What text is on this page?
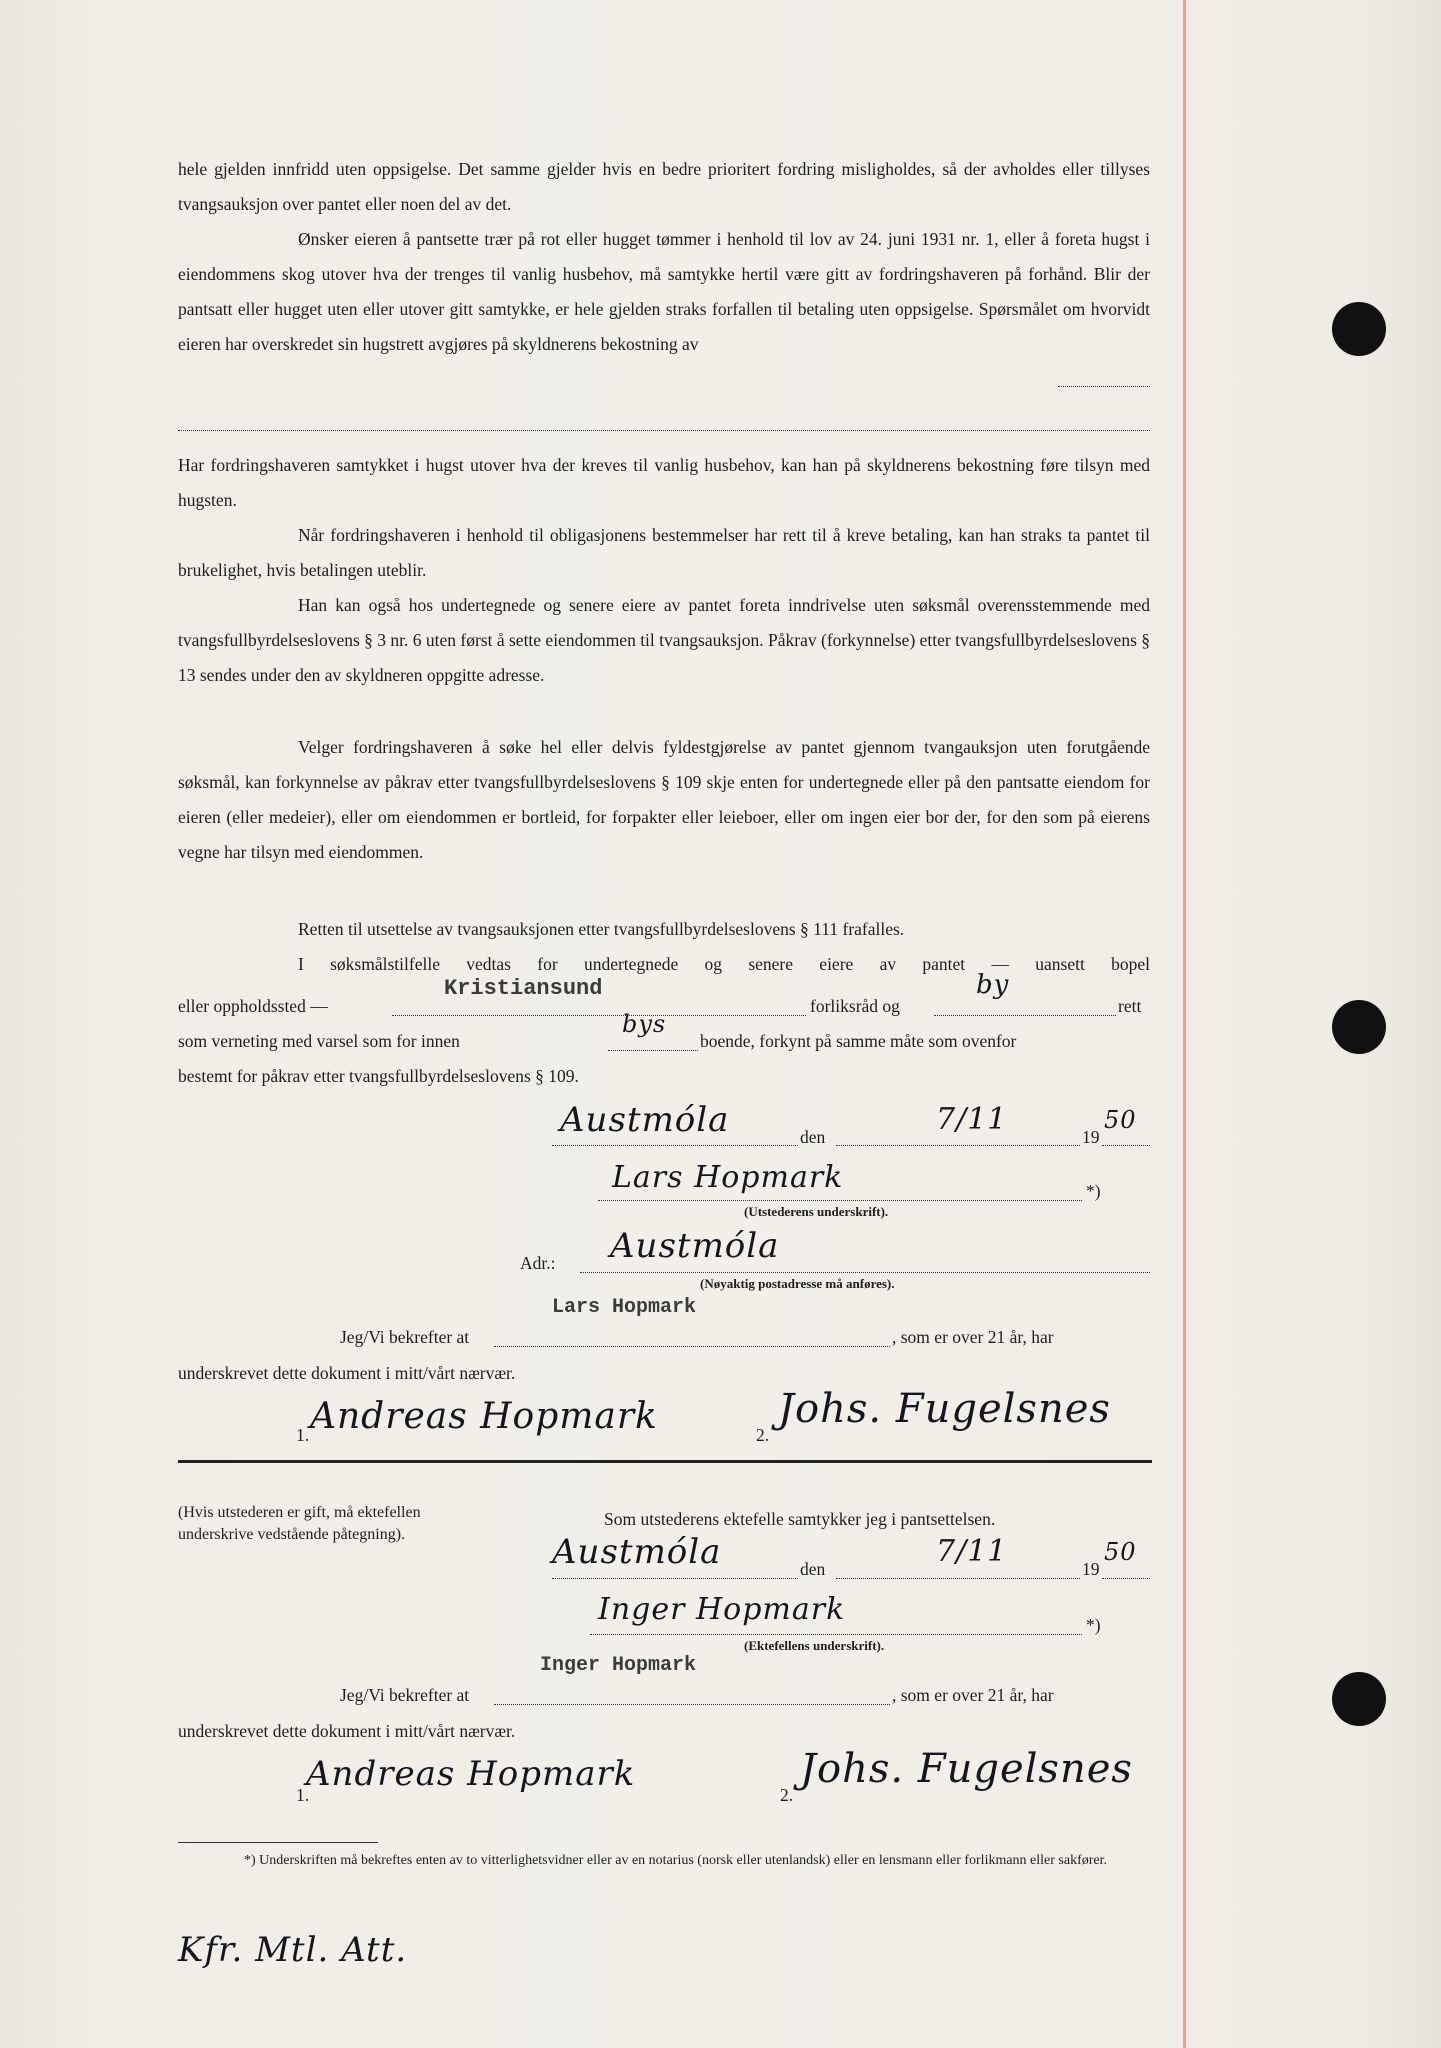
hele gjelden innfridd uten oppsigelse. Det samme gjelder hvis en bedre prioritert fordring misligholdes, så der avholdes eller tillyses tvangsauksjon over pantet eller noen del av det.

Ønsker eieren å pantsette trær på rot eller hugget tømmer i henhold til lov av 24. juni 1931 nr. 1, eller å foreta hugst i eiendommens skog utover hva der trenges til vanlig husbehov, må samtykke hertil være gitt av fordringshaveren på forhånd. Blir der pantsatt eller hugget uten eller utover gitt samtykke, er hele gjelden straks forfallen til betaling uten oppsigelse. Spørsmålet om hvorvidt eieren har overskredet sin hugstrett avgjøres på skyldnerens bekostning av

Har fordringshaveren samtykket i hugst utover hva der kreves til vanlig husbehov, kan han på skyldnerens bekostning føre tilsyn med hugsten.

Når fordringshaveren i henhold til obligasjonens bestemmelser har rett til å kreve betaling, kan han straks ta pantet til brukelighet, hvis betalingen uteblir.

Han kan også hos undertegnede og senere eiere av pantet foreta inndrivelse uten søksmål overensstemmende med tvangsfullbyrdelseslovens § 3 nr. 6 uten først å sette eiendommen til tvangsauksjon. Påkrav (forkynnelse) etter tvangsfullbyrdelseslovens § 13 sendes under den av skyldneren oppgitte adresse.

Velger fordringshaveren å søke hel eller delvis fyldestgjørelse av pantet gjennom tvangauksjon uten forutgående søksmål, kan forkynnelse av påkrav etter tvangsfullbyrdelseslovens § 109 skje enten for undertegnede eller på den pantsatte eiendom for eieren (eller medeier), eller om eiendommen er bortleid, for forpakter eller leieboer, eller om ingen eier bor der, for den som på eierens vegne har tilsyn med eiendommen.

Retten til utsettelse av tvangsauksjonen etter tvangsfullbyrdelseslovens § 111 frafalles.

I søksmålstilfelle vedtas for undertegnede og senere eiere av pantet — uansett bopel

eller oppholdssted —
Kristiansund
forliksråd og
by
rett
som verneting med varsel som for innen
bys
boende, forkynt på samme måte som ovenfor
bestemt for påkrav etter tvangsfullbyrdelseslovens § 109.
Austmóla	den	7/11	19
50
Lars Hopmark	*)
(Utstederens underskrift).
Adr.: Austmóla
(Nøyaktig postadresse må anføres).
Lars Hopmark
Jeg/Vi bekrefter at	, som er over 21 år, har
underskrevet dette dokument i mitt/vårt nærvær.
1. Andreas Hopmark	2.
Johs. Fugelsnes
(Hvis utstederen er gift, må ektefellen underskrive vedstående påtegning).
Som utstederens ektefelle samtykker jeg i pantsettelsen.
Austmóla	den	7/11	19
50
Inger Hopmark	*)
(Ektefellens underskrift).
Inger Hopmark
Jeg/Vi bekrefter at	, som er over 21 år, har
underskrevet dette dokument i mitt/vårt nærvær.
1.
Andreas Hopmark
2.
Johs. Fugelsnes

*) Underskriften må bekreftes enten av to vitterlighetsvidner eller av en notarius (norsk eller utenlandsk) eller en lensmann eller forlikmann eller sakfører.

Kfr. Mtl. Att.
